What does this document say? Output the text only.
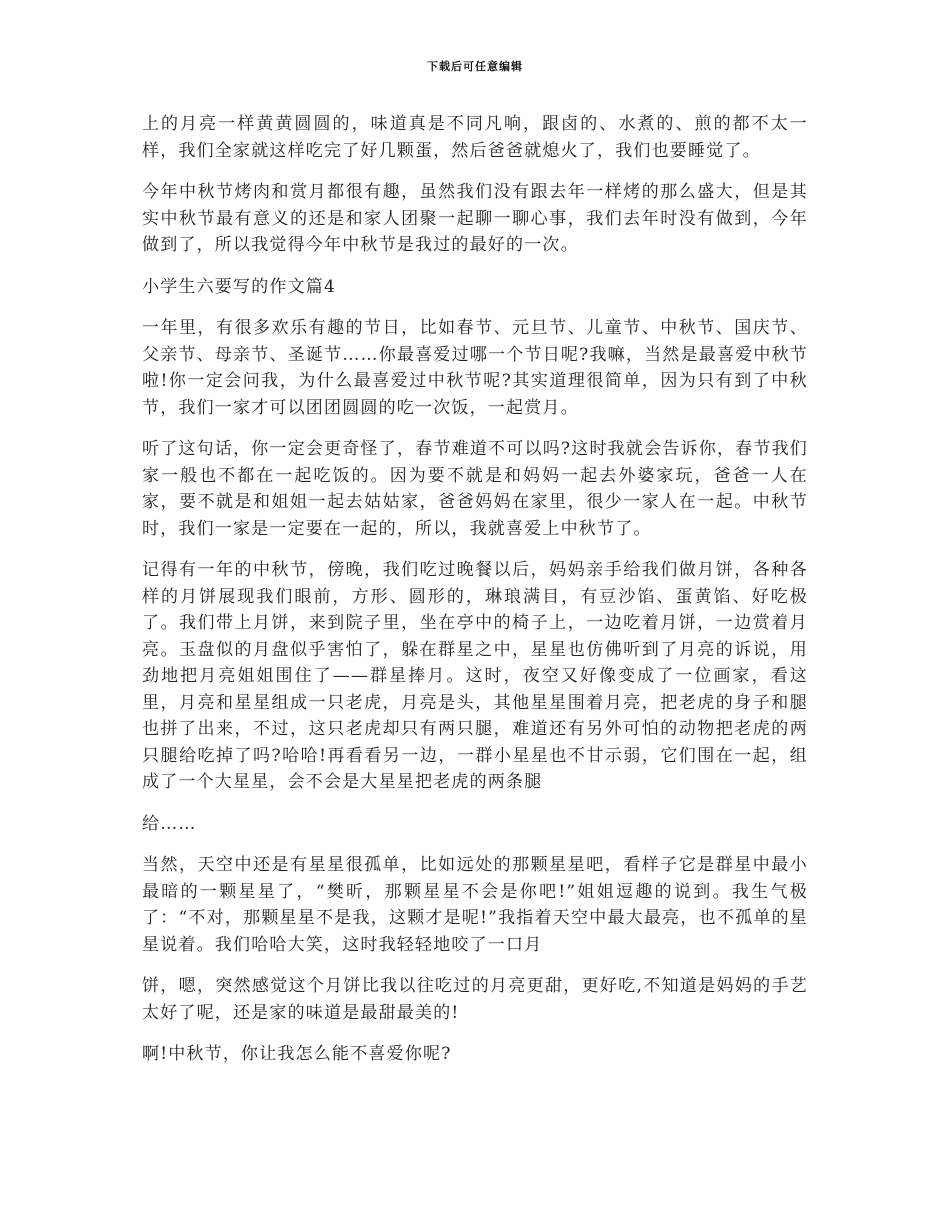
下载后可任意编辑

上的月亮一样黄黄圆圆的，味道真是不同凡响，跟卤的、水煮的、煎的都不太一样，我们全家就这样吃完了好几颗蛋，然后爸爸就熄火了，我们也要睡觉了。

今年中秋节烤肉和赏月都很有趣，虽然我们没有跟去年一样烤的那么盛大，但是其实中秋节最有意义的还是和家人团聚一起聊一聊心事，我们去年时没有做到，今年做到了，所以我觉得今年中秋节是我过的最好的一次。

小学生六要写的作文篇4

一年里，有很多欢乐有趣的节日，比如春节、元旦节、儿童节、中秋节、国庆节、父亲节、母亲节、圣诞节……你最喜爱过哪一个节日呢?我嘛，当然是最喜爱中秋节啦!你一定会问我，为什么最喜爱过中秋节呢?其实道理很简单，因为只有到了中秋节，我们一家才可以团团圆圆的吃一次饭，一起赏月。

听了这句话，你一定会更奇怪了，春节难道不可以吗?这时我就会告诉你，春节我们家一般也不都在一起吃饭的。因为要不就是和妈妈一起去外婆家玩，爸爸一人在家，要不就是和姐姐一起去姑姑家，爸爸妈妈在家里，很少一家人在一起。中秋节时，我们一家是一定要在一起的，所以，我就喜爱上中秋节了。

记得有一年的中秋节，傍晚，我们吃过晚餐以后，妈妈亲手给我们做月饼，各种各样的月饼展现我们眼前，方形、圆形的，琳琅满目，有豆沙馅、蛋黄馅、好吃极了。我们带上月饼，来到院子里，坐在亭中的椅子上，一边吃着月饼，一边赏着月亮。玉盘似的月盘似乎害怕了，躲在群星之中，星星也仿佛听到了月亮的诉说，用劲地把月亮姐姐围住了——群星捧月。这时，夜空又好像变成了一位画家，看这里，月亮和星星组成一只老虎，月亮是头，其他星星围着月亮，把老虎的身子和腿也拼了出来，不过，这只老虎却只有两只腿，难道还有另外可怕的动物把老虎的两只腿给吃掉了吗?哈哈!再看看另一边，一群小星星也不甘示弱，它们围在一起，组成了一个大星星，会不会是大星星把老虎的两条腿

给……

当然，天空中还是有星星很孤单，比如远处的那颗星星吧，看样子它是群星中最小最暗的一颗星星了，“樊昕，那颗星星不会是你吧!”姐姐逗趣的说到。我生气极了：“不对，那颗星星不是我，这颗才是呢!”我指着天空中最大最亮，也不孤单的星星说着。我们哈哈大笑，这时我轻轻地咬了一口月

饼，嗯，突然感觉这个月饼比我以往吃过的月亮更甜，更好吃,不知道是妈妈的手艺太好了呢，还是家的味道是最甜最美的!

啊!中秋节，你让我怎么能不喜爱你呢?
